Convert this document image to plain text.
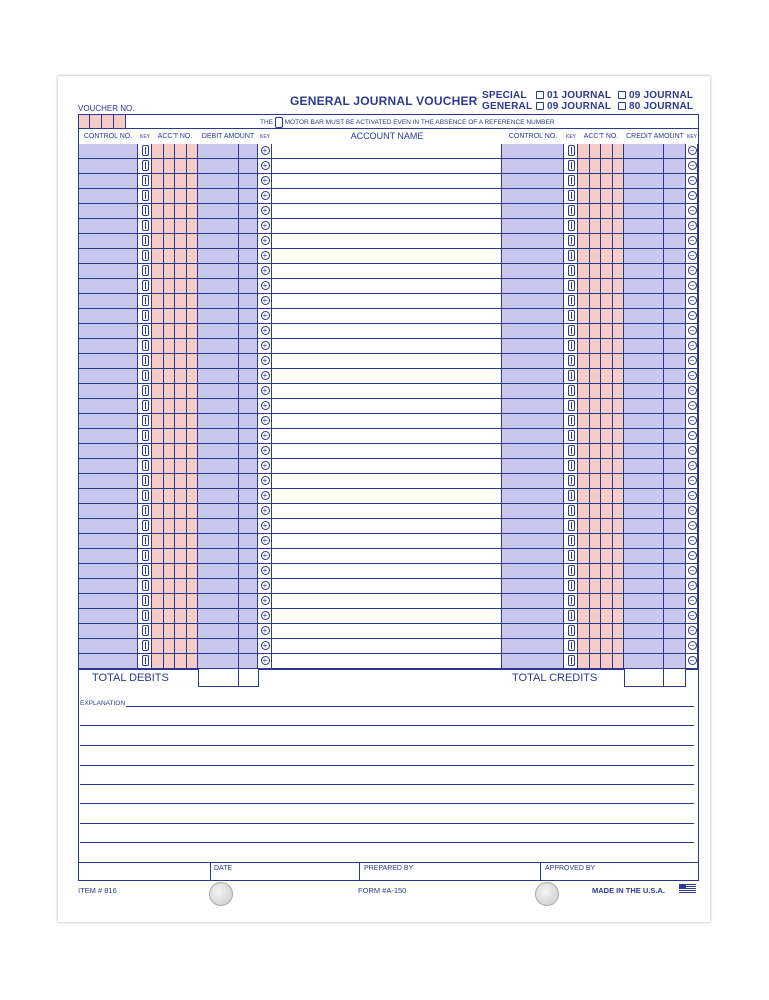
VOUCHER NO.
GENERAL JOURNAL VOUCHER SPECIAL
GENERAL
01 JOURNAL	09 JOURNAL
09 JOURNAL	80 JOURNAL
THE MOTOR BAR MUST BE ACTIVATED EVEN IN THE ABSENCE OF A REFERENCE NUMBER
CONTROL NO.	KEY	ACC'T NO.	DEBIT AMOUNT	KEY	ACCOUNT NAME	CONTROL NO.	KEY	ACC'T NO.	CREDIT AMOUNT KEY
+	−
+	−
+	−
+	−
+	−
+	−
+	−
+	−
+	−
+	−
+	−
+	−
+	−
+	−
+	−
+	−
+	−
+	−
+	−
+	−
+	−
+	−
+	−
+	−
+	−
+	−
+	−
+	−
+	−
+	−
+	−
+	−
+	−
+	−
+	−
TOTAL DEBITS	TOTAL CREDITS
EXPLANATION
DATE	PREPARED BY	APPROVED BY
ITEM # 816	FORM #A-150	MADE IN THE U.S.A.
